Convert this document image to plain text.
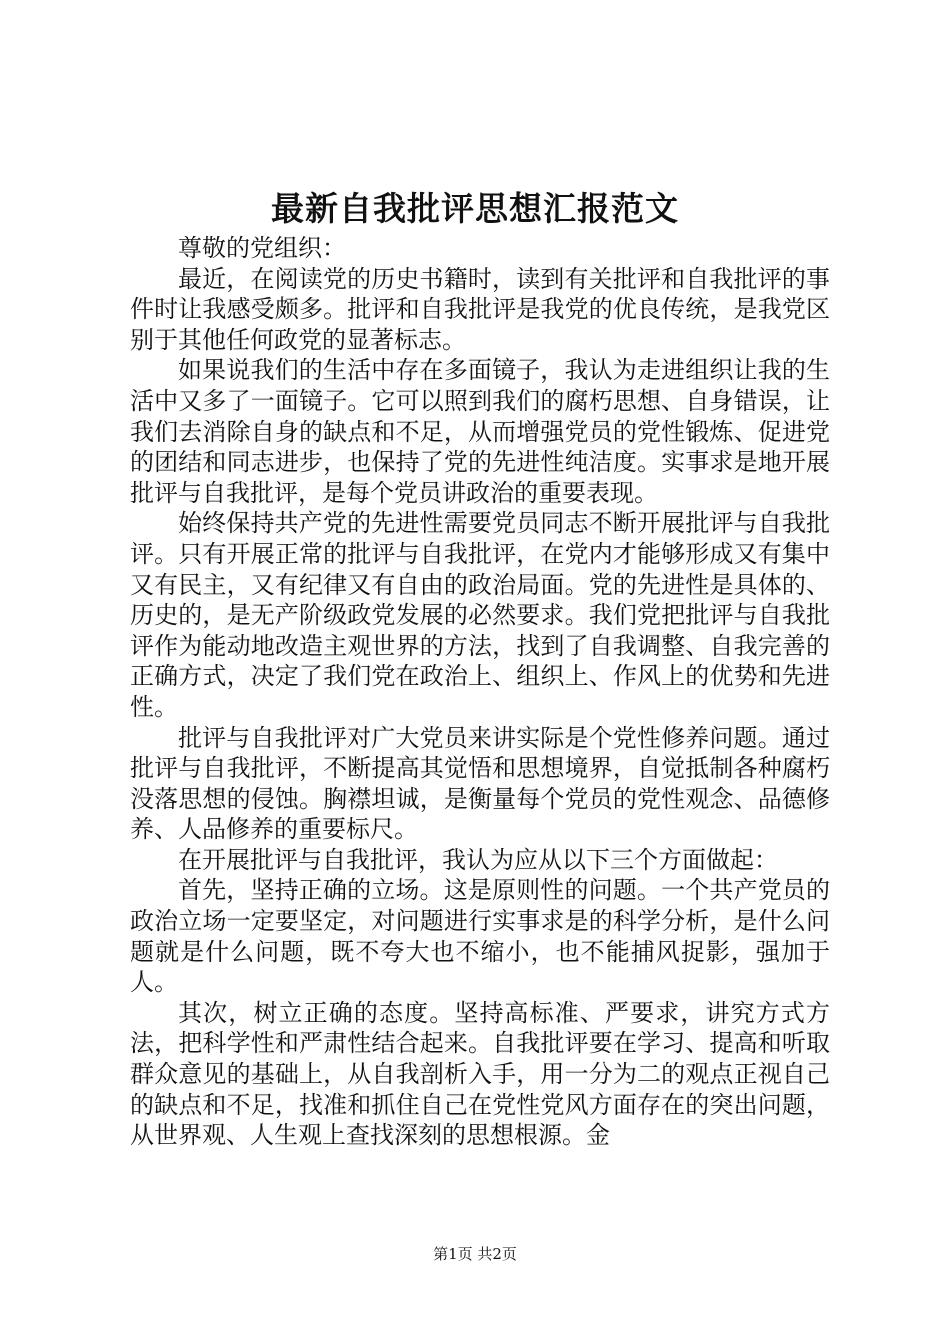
最新自我批评思想汇报范文

尊敬的党组织：

最近，在阅读党的历史书籍时，读到有关批评和自我批评的事件时让我感受颇多。批评和自我批评是我党的优良传统，是我党区别于其他任何政党的显著标志。

如果说我们的生活中存在多面镜子，我认为走进组织让我的生活中又多了一面镜子。它可以照到我们的腐朽思想、自身错误，让我们去消除自身的缺点和不足，从而增强党员的党性锻炼、促进党的团结和同志进步，也保持了党的先进性纯洁度。实事求是地开展批评与自我批评，是每个党员讲政治的重要表现。

始终保持共产党的先进性需要党员同志不断开展批评与自我批评。只有开展正常的批评与自我批评，在党内才能够形成又有集中又有民主，又有纪律又有自由的政治局面。党的先进性是具体的、历史的，是无产阶级政党发展的必然要求。我们党把批评与自我批评作为能动地改造主观世界的方法，找到了自我调整、自我完善的正确方式，决定了我们党在政治上、组织上、作风上的优势和先进性。

批评与自我批评对广大党员来讲实际是个党性修养问题。通过批评与自我批评，不断提高其觉悟和思想境界，自觉抵制各种腐朽没落思想的侵蚀。胸襟坦诚，是衡量每个党员的党性观念、品德修养、人品修养的重要标尺。

在开展批评与自我批评，我认为应从以下三个方面做起：

首先，坚持正确的立场。这是原则性的问题。一个共产党员的政治立场一定要坚定，对问题进行实事求是的科学分析，是什么问题就是什么问题，既不夸大也不缩小，也不能捕风捉影，强加于人。

其次，树立正确的态度。坚持高标准、严要求，讲究方式方法，把科学性和严肃性结合起来。自我批评要在学习、提高和听取群众意见的基础上，从自我剖析入手，用一分为二的观点正视自己的缺点和不足，找准和抓住自己在党性党风方面存在的突出问题，从世界观、人生观上查找深刻的思想根源。金

第1页 共2页
